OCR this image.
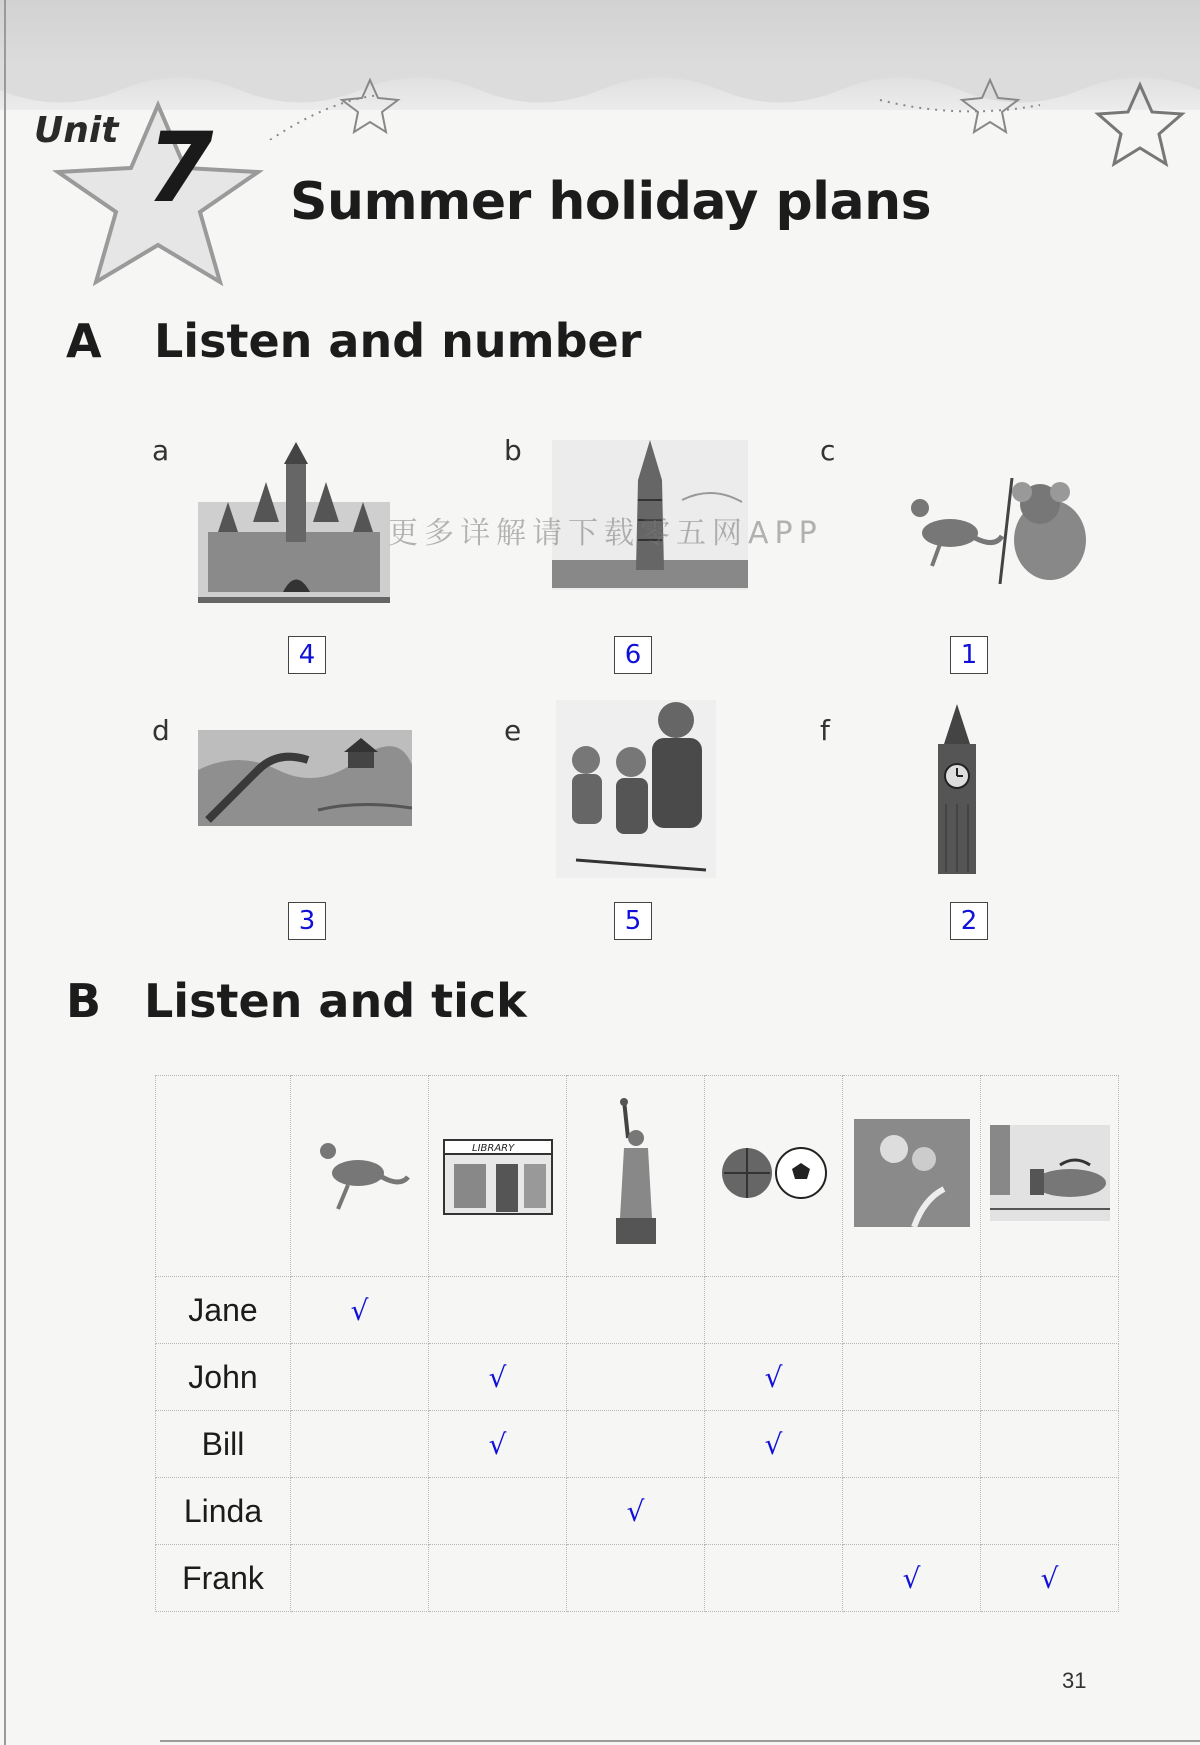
Unit 7	Summer holiday plans
A Listen and number
a
4
b
6
c
1
d
3
e
5
f
2
更多详解请下载零五网APP
B Listen and tick

LIBRARY

Jane	√					
John		√		√		
Bill		√		√		
Linda			√			
Frank					√	√
31
